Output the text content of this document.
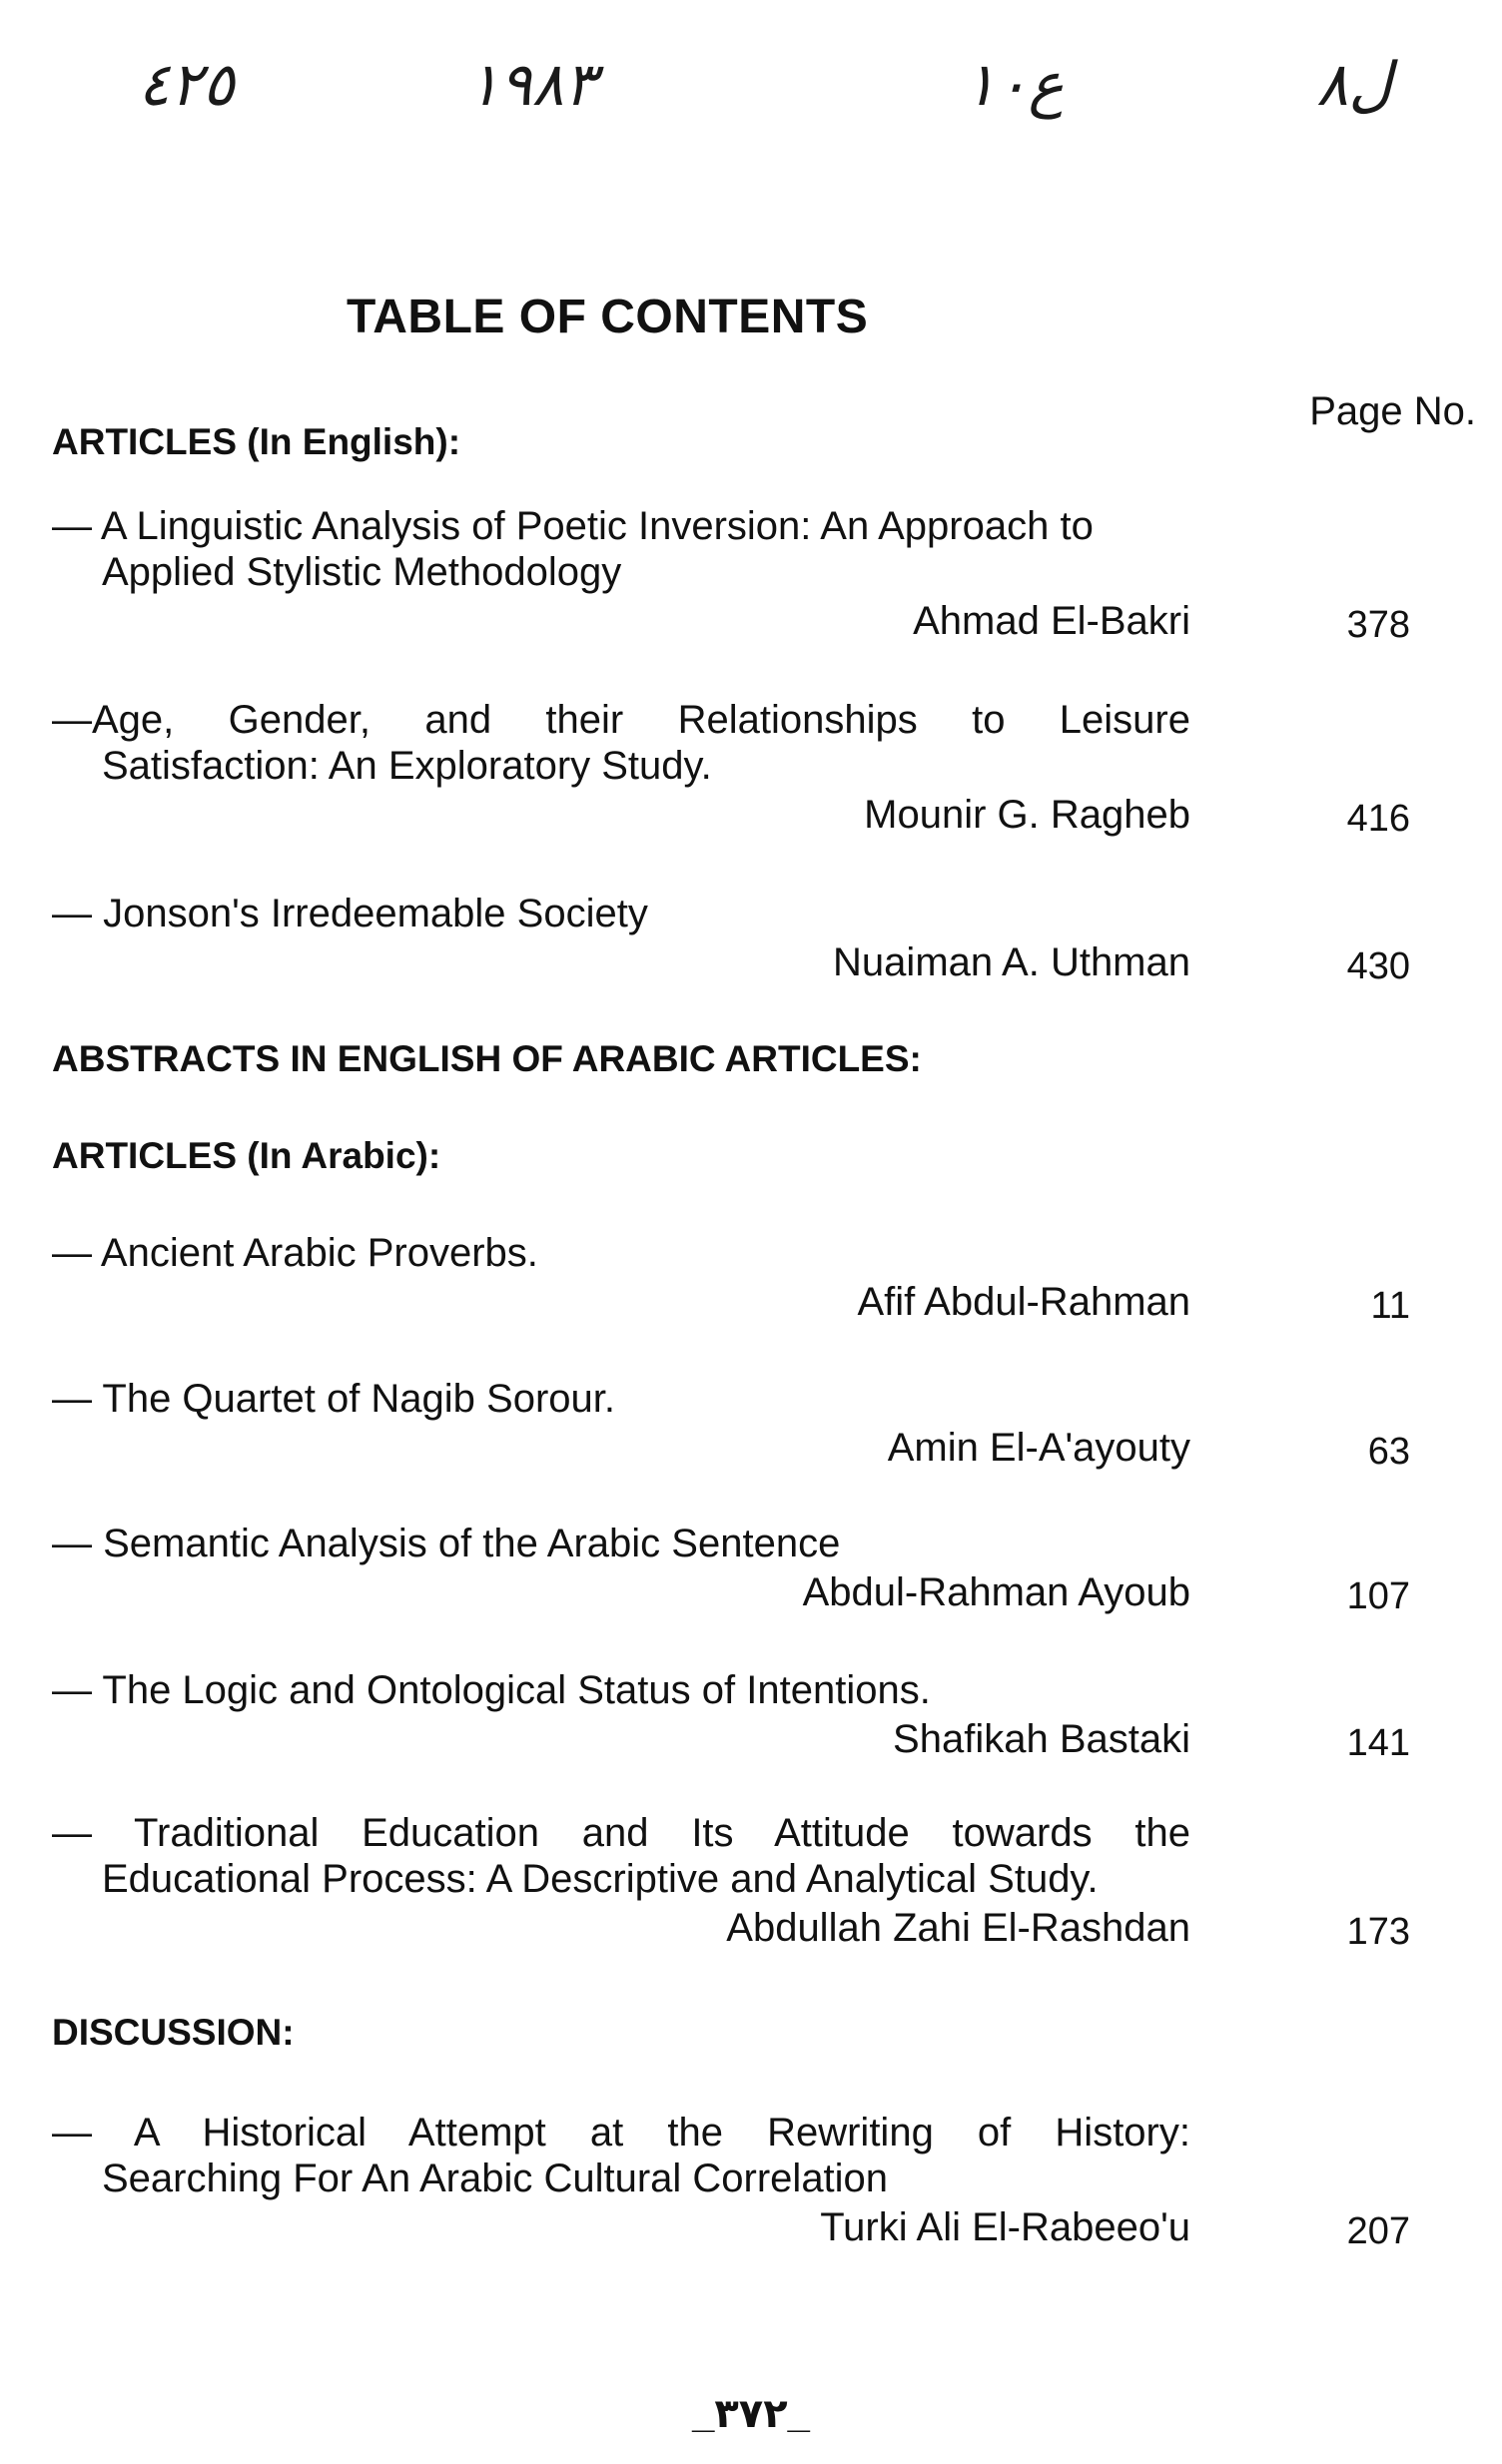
٤٢٥	١٩٨٣	ع١٠	ل٨
TABLE OF CONTENTS
Page No.
ARTICLES (In English):
— A Linguistic Analysis of Poetic Inversion: An Approach to
Applied Stylistic Methodology
Ahmad El-Bakri	378
—Age, Gender, and their Relationships to Leisure
Satisfaction: An Exploratory Study.
Mounir G. Ragheb	416
— Jonson's Irredeemable Society
Nuaiman A. Uthman	430
ABSTRACTS IN ENGLISH OF ARABIC ARTICLES:
ARTICLES (In Arabic):
— Ancient Arabic Proverbs.
Afif Abdul-Rahman	11
— The Quartet of Nagib Sorour.
Amin El-A'ayouty	63
— Semantic Analysis of the Arabic Sentence
Abdul-Rahman Ayoub	107
— The Logic and Ontological Status of Intentions.
Shafikah Bastaki	141
— Traditional Education and Its Attitude towards the
Educational Process: A Descriptive and Analytical Study.
Abdullah Zahi El-Rashdan	173
DISCUSSION:
— A Historical Attempt at the Rewriting of History:
Searching For An Arabic Cultural Correlation
Turki Ali El-Rabeeo'u	207
_٣٧٢_
